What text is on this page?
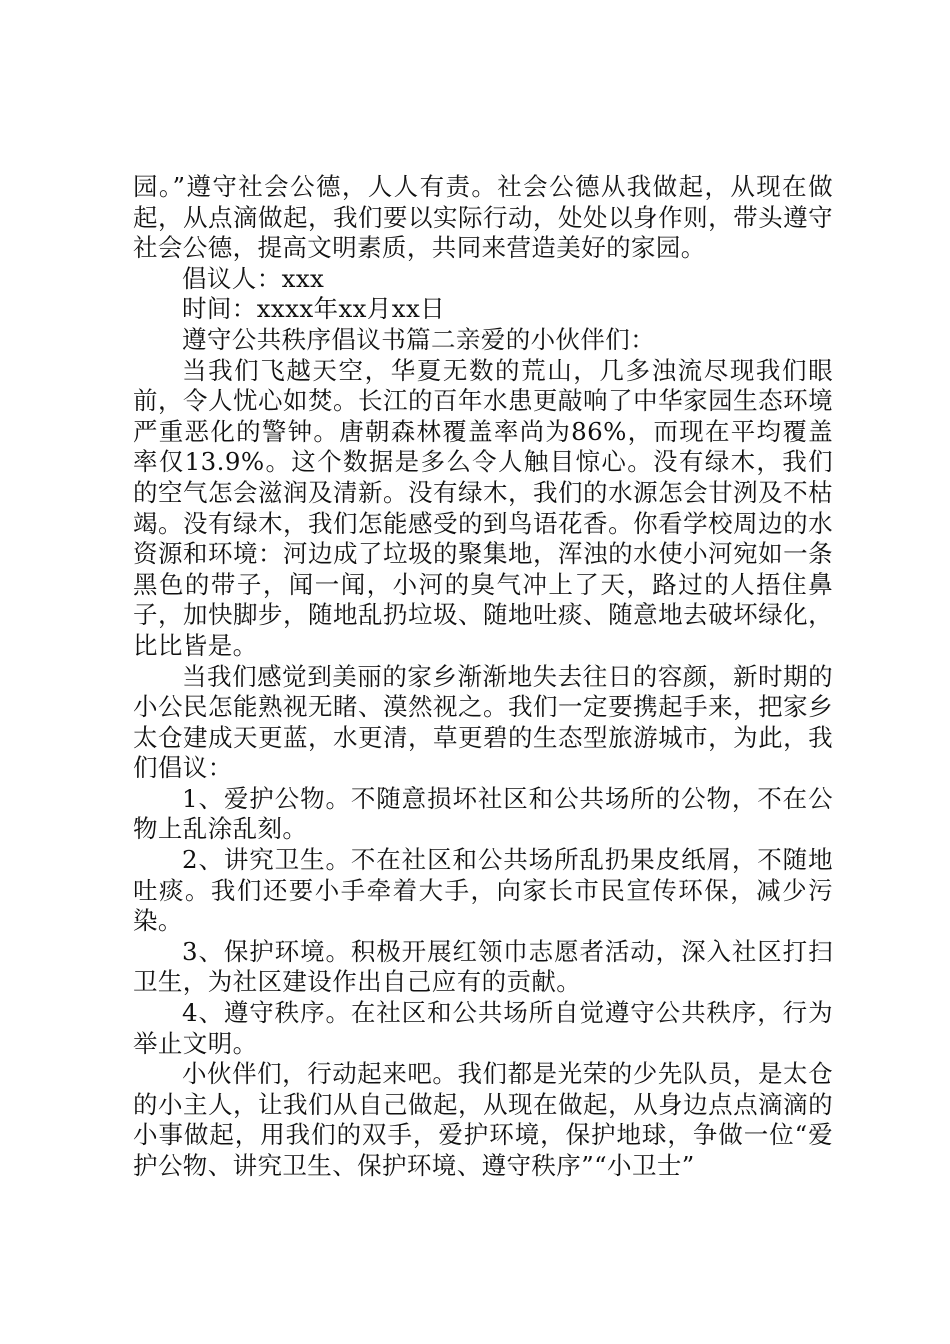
园。”遵守社会公德，人人有责。社会公德从我做起，从现在做起，从点滴做起，我们要以实际行动，处处以身作则，带头遵守社会公德，提高文明素质，共同来营造美好的家园。

倡议人：xxx

时间：xxxx年xx月xx日

遵守公共秩序倡议书篇二亲爱的小伙伴们：

当我们飞越天空，华夏无数的荒山，几多浊流尽现我们眼前，令人忧心如焚。长江的百年水患更敲响了中华家园生态环境严重恶化的警钟。唐朝森林覆盖率尚为86%，而现在平均覆盖率仅13.9%。这个数据是多么令人触目惊心。没有绿木，我们的空气怎会滋润及清新。没有绿木，我们的水源怎会甘洌及不枯竭。没有绿木，我们怎能感受的到鸟语花香。你看学校周边的水资源和环境：河边成了垃圾的聚集地，浑浊的水使小河宛如一条黑色的带子，闻一闻，小河的臭气冲上了天，路过的人捂住鼻子，加快脚步，随地乱扔垃圾、随地吐痰、随意地去破坏绿化，比比皆是。

当我们感觉到美丽的家乡渐渐地失去往日的容颜，新时期的小公民怎能熟视无睹、漠然视之。我们一定要携起手来，把家乡太仓建成天更蓝，水更清，草更碧的生态型旅游城市，为此，我们倡议：

1、爱护公物。不随意损坏社区和公共场所的公物，不在公物上乱涂乱刻。

2、讲究卫生。不在社区和公共场所乱扔果皮纸屑，不随地吐痰。我们还要小手牵着大手，向家长市民宣传环保，减少污染。

3、保护环境。积极开展红领巾志愿者活动，深入社区打扫卫生，为社区建设作出自己应有的贡献。

4、遵守秩序。在社区和公共场所自觉遵守公共秩序，行为举止文明。

小伙伴们，行动起来吧。我们都是光荣的少先队员，是太仓的小主人，让我们从自己做起，从现在做起，从身边点点滴滴的小事做起，用我们的双手，爱护环境，保护地球，争做一位“爱护公物、讲究卫生、保护环境、遵守秩序”“小卫士”
